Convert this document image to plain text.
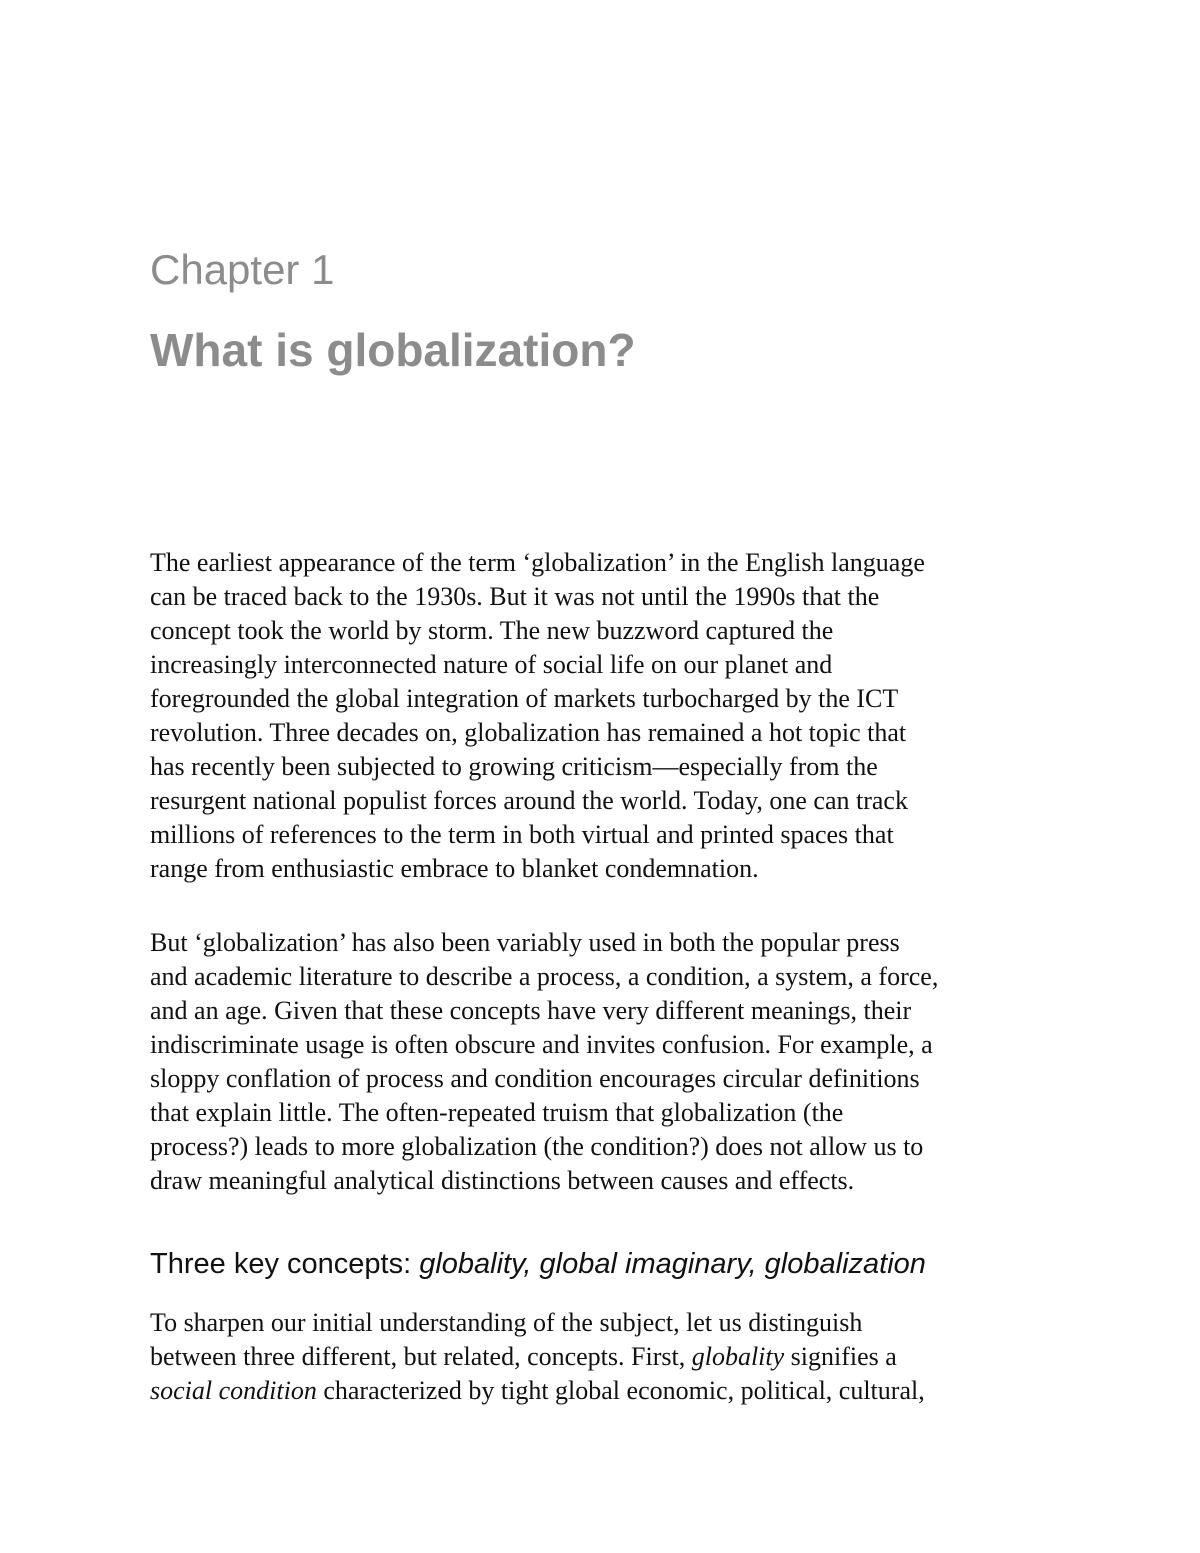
Chapter 1
What is globalization?

The earliest appearance of the term ‘globalization’ in the English language
can be traced back to the 1930s. But it was not until the 1990s that the
concept took the world by storm. The new buzzword captured the
increasingly interconnected nature of social life on our planet and
foregrounded the global integration of markets turbocharged by the ICT
revolution. Three decades on, globalization has remained a hot topic that
has recently been subjected to growing criticism—especially from the
resurgent national populist forces around the world. Today, one can track
millions of references to the term in both virtual and printed spaces that
range from enthusiastic embrace to blanket condemnation.

But ‘globalization’ has also been variably used in both the popular press
and academic literature to describe a process, a condition, a system, a force,
and an age. Given that these concepts have very different meanings, their
indiscriminate usage is often obscure and invites confusion. For example, a
sloppy conflation of process and condition encourages circular definitions
that explain little. The often-repeated truism that globalization (the
process?) leads to more globalization (the condition?) does not allow us to
draw meaningful analytical distinctions between causes and effects.

Three key concepts: globality, global imaginary, globalization

To sharpen our initial understanding of the subject, let us distinguish
between three different, but related, concepts. First, globality signifies a
social condition characterized by tight global economic, political, cultural,
